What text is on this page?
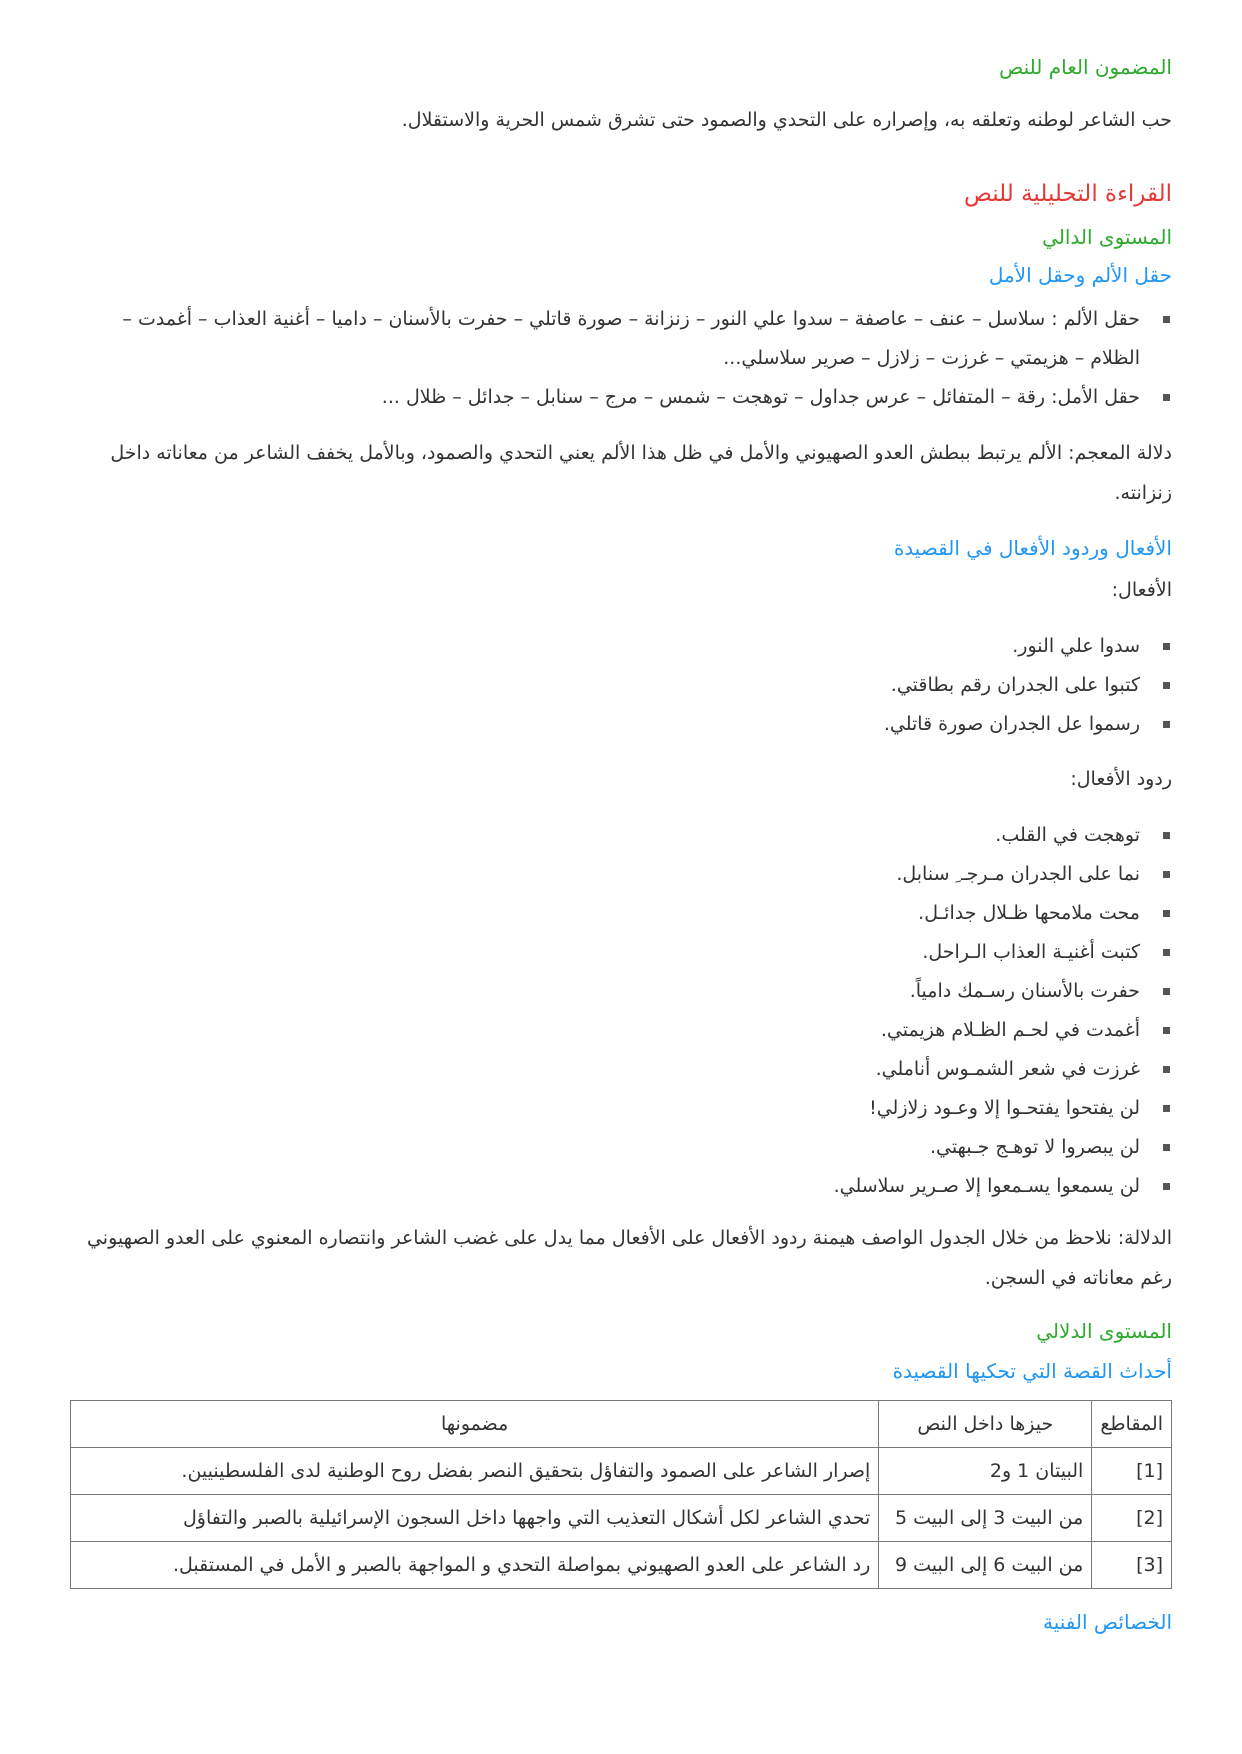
المضمون العام للنص

حب الشاعر لوطنه وتعلقه به، وإصراره على التحدي والصمود حتى تشرق شمس الحرية والاستقلال.

القراءة التحليلية للنص

المستوى الدالي

حقل الألم وحقل الأمل

حقل الألم : سلاسل – عنف – عاصفة – سدوا علي النور – زنزانة – صورة قاتلي – حفرت بالأسنان – داميا – أغنية العذاب – أغمدت – الظلام – هزيمتي – غرزت – زلازل – صرير سلاسلي...
حقل الأمل: رقة – المتفائل – عرس جداول – توهجت – شمس – مرج – سنابل – جدائل – ظلال ...

دلالة المعجم: الألم يرتبط ببطش العدو الصهيوني والأمل في ظل هذا الألم يعني التحدي والصمود، وبالأمل يخفف الشاعر من معاناته داخل زنزانته.

الأفعال وردود الأفعال في القصيدة

الأفعال:

سدوا علي النور.
كتبوا على الجدران رقم بطاقتي.
رسموا عل الجدران صورة قاتلي.

ردود الأفعال:

توهجت في القلب.
نما على الجدران مـرجـ ِ سنابل.
محت ملامحها ظـلال جدائـل.
كتبت أغنيـة العذاب الـراحل.
حفرت بالأسنان رسـمك دامياً.
أغمدت في لحـم الظـلام هزيمتي.
غرزت في شعر الشمـوس أناملي.
لن يفتحوا يفتحـوا إلا وعـود زلازلي!
لن يبصروا لا توهـج جـبهتي.
لن يسمعوا يسـمعوا إلا صـرير سلاسلي.

الدلالة: نلاحظ من خلال الجدول الواصف هيمنة ردود الأفعال على الأفعال مما يدل على غضب الشاعر وانتصاره المعنوي على العدو الصهيوني رغم معاناته في السجن.

المستوى الدلالي

أحداث القصة التي تحكيها القصيدة

المقاطع	حيزها داخل النص	مضمونها
[1]	البيتان 1 و2	إصرار الشاعر على الصمود والتفاؤل بتحقيق النصر بفضل روح الوطنية لدى الفلسطينيين.
[2]	من البيت 3 إلى البيت 5	تحدي الشاعر لكل أشكال التعذيب التي واجهها داخل السجون الإسرائيلية بالصبر والتفاؤل
[3]	من البيت 6 إلى البيت 9	رد الشاعر على العدو الصهيوني بمواصلة التحدي و المواجهة بالصبر و الأمل في المستقبل.

الخصائص الفنية
